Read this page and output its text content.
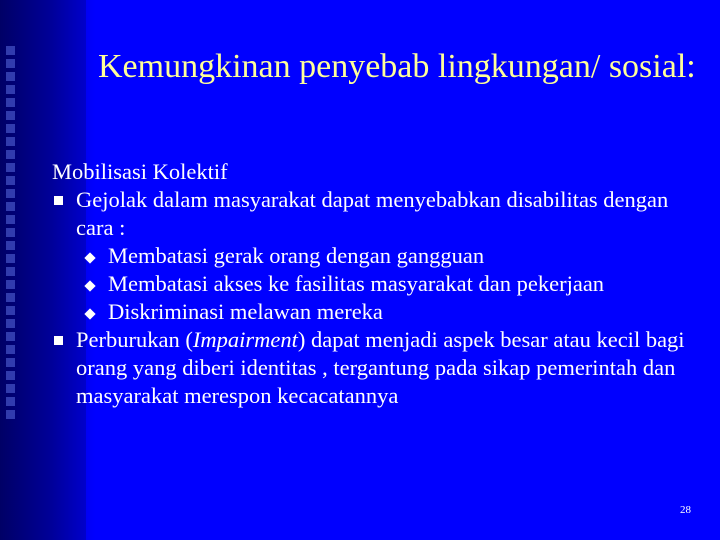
Kemungkinan penyebab lingkungan/ sosial:

Mobilisasi Kolektif

Gejolak dalam masyarakat dapat menyebabkan disabilitas dengan cara :

Membatasi gerak orang dengan gangguan

Membatasi akses ke fasilitas masyarakat dan pekerjaan

Diskriminasi melawan mereka

Perburukan (Impairment) dapat menjadi aspek besar atau kecil bagi orang yang diberi identitas , tergantung pada sikap pemerintah dan masyarakat merespon kecacatannya

28
